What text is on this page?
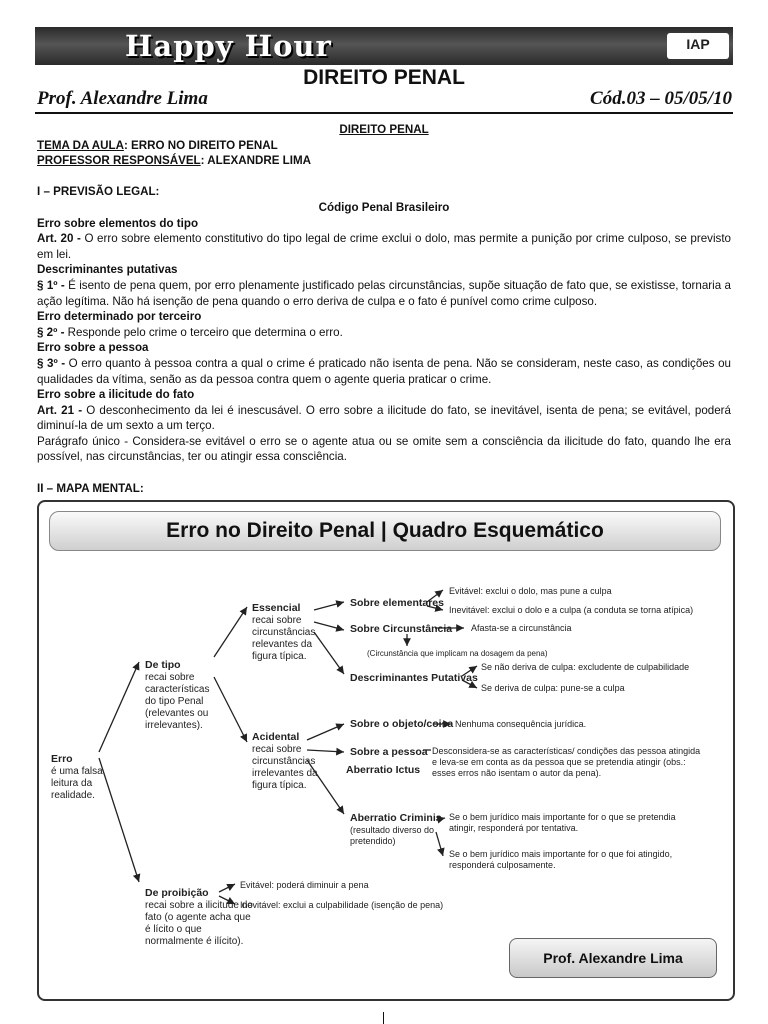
Happy Hour	IAP
DIREITO PENAL
Prof. Alexandre Lima	Cód.03 – 05/05/10

DIREITO PENAL

TEMA DA AULA: ERRO NO DIREITO PENAL

PROFESSOR RESPONSÁVEL: ALEXANDRE LIMA

I – PREVISÃO LEGAL:

Código Penal Brasileiro

Erro sobre elementos do tipo

Art. 20 - O erro sobre elemento constitutivo do tipo legal de crime exclui o dolo, mas permite a punição por crime culposo, se previsto em lei.

Descriminantes putativas

§ 1º - É isento de pena quem, por erro plenamente justificado pelas circunstâncias, supõe situação de fato que, se existisse, tornaria a ação legítima. Não há isenção de pena quando o erro deriva de culpa e o fato é punível como crime culposo.

Erro determinado por terceiro

§ 2º - Responde pelo crime o terceiro que determina o erro.

Erro sobre a pessoa

§ 3º - O erro quanto à pessoa contra a qual o crime é praticado não isenta de pena. Não se consideram, neste caso, as condições ou qualidades da vítima, senão as da pessoa contra quem o agente queria praticar o crime.

Erro sobre a ilicitude do fato

Art. 21 - O desconhecimento da lei é inescusável. O erro sobre a ilicitude do fato, se inevitável, isenta de pena; se evitável, poderá diminuí-la de um sexto a um terço.

Parágrafo único - Considera-se evitável o erro se o agente atua ou se omite sem a consciência da ilicitude do fato, quando lhe era possível, nas circunstâncias, ter ou atingir essa consciência.

II – MAPA MENTAL:

Erro no Direito Penal | Quadro Esquemático
Erro
é uma falsa leitura da realidade.
De tipo
recai sobre características do tipo Penal (relevantes ou irrelevantes).
Essencial
recai sobre circunstâncias relevantes da figura típica.
Sobre elementares
Evitável: exclui o dolo, mas pune a culpa
Inevitável: exclui o dolo e a culpa (a conduta se torna atípica)
Sobre Circunstância Afasta-se a circunstância
(Circunstância que implicam na dosagem da pena)
Descriminantes Putativas
Se não deriva de culpa: excludente de culpabilidade
Se deriva de culpa: pune-se a culpa
Acidental
recai sobre circunstâncias irrelevantes da figura típica.
Sobre o objeto/coisa Nenhuma consequência jurídica.
Sobre a pessoa
Aberratio Ictus
Desconsidera-se as características/ condições das pessoa atingida e leva-se em conta as da pessoa que se pretendia atingir (obs.: esses erros não isentam o autor da pena).
Aberratio Criminis
(resultado diverso do pretendido)
Se o bem jurídico mais importante for o que se pretendia atingir, responderá por tentativa.
Se o bem jurídico mais importante for o que foi atingido, responderá culposamente.
De proibição
recai sobre a ilicitude do fato (o agente acha que é lícito o que normalmente é ilícito).
Evitável: poderá diminuir a pena
Inevitável: exclui a culpabilidade (isenção de pena)
Prof. Alexandre Lima
